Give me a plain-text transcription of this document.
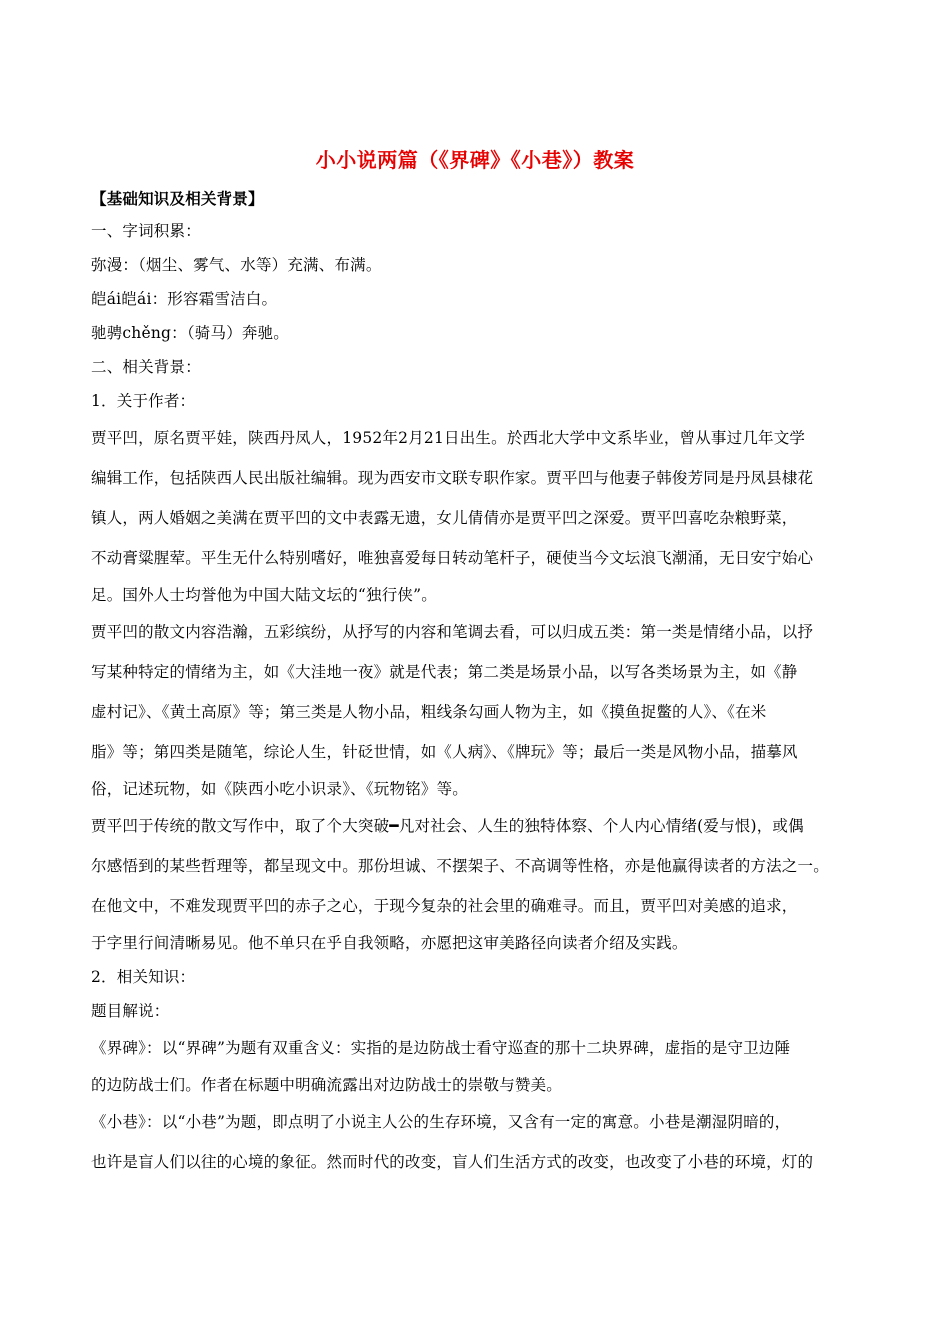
小小说两篇（《界碑》《小巷》）教案
【基础知识及相关背景】
一、字词积累：
弥漫：（烟尘、雾气、水等）充满、布满。
皑ái皑ái：形容霜雪洁白。
驰骋chěng：（骑马）奔驰。
二、相关背景：
1．关于作者：
贾平凹，原名贾平娃，陕西丹凤人，1952年2月21日出生。於西北大学中文系毕业，曾从事过几年文学
编辑工作，包括陕西人民出版社编辑。现为西安市文联专职作家。贾平凹与他妻子韩俊芳同是丹凤县棣花
镇人，两人婚姻之美满在贾平凹的文中表露无遗，女儿倩倩亦是贾平凹之深爱。贾平凹喜吃杂粮野菜，
不动膏粱腥荤。平生无什么特别嗜好，唯独喜爱每日转动笔杆子，硬使当今文坛浪飞潮涌，无日安宁始心
足。国外人士均誉他为中国大陆文坛的“独行侠”。
贾平凹的散文内容浩瀚，五彩缤纷，从抒写的内容和笔调去看，可以归成五类：第一类是情绪小品，以抒
写某种特定的情绪为主，如《大洼地一夜》就是代表；第二类是场景小品，以写各类场景为主，如《静
虚村记》、《黄土高原》等；第三类是人物小品，粗线条勾画人物为主，如《摸鱼捉鳖的人》、《在米
脂》等；第四类是随笔，综论人生，针砭世情，如《人病》、《牌玩》等；最后一类是风物小品，描摹风
俗，记述玩物，如《陕西小吃小识录》、《玩物铭》等。
贾平凹于传统的散文写作中，取了个大突破━凡对社会、人生的独特体察、个人内心情绪(爱与恨)，或偶
尔感悟到的某些哲理等，都呈现文中。那份坦诚、不摆架子、不高调等性格，亦是他赢得读者的方法之一。
在他文中，不难发现贾平凹的赤子之心，于现今复杂的社会里的确难寻。而且，贾平凹对美感的追求，
于字里行间清晰易见。他不单只在乎自我领略，亦愿把这审美路径向读者介绍及实践。
2．相关知识：
题目解说：
《界碑》：以“界碑”为题有双重含义：实指的是边防战士看守巡查的那十二块界碑，虚指的是守卫边陲
的边防战士们。作者在标题中明确流露出对边防战士的崇敬与赞美。
《小巷》：以“小巷”为题，即点明了小说主人公的生存环境，又含有一定的寓意。小巷是潮湿阴暗的，
也许是盲人们以往的心境的象征。然而时代的改变，盲人们生活方式的改变，也改变了小巷的环境，灯的
